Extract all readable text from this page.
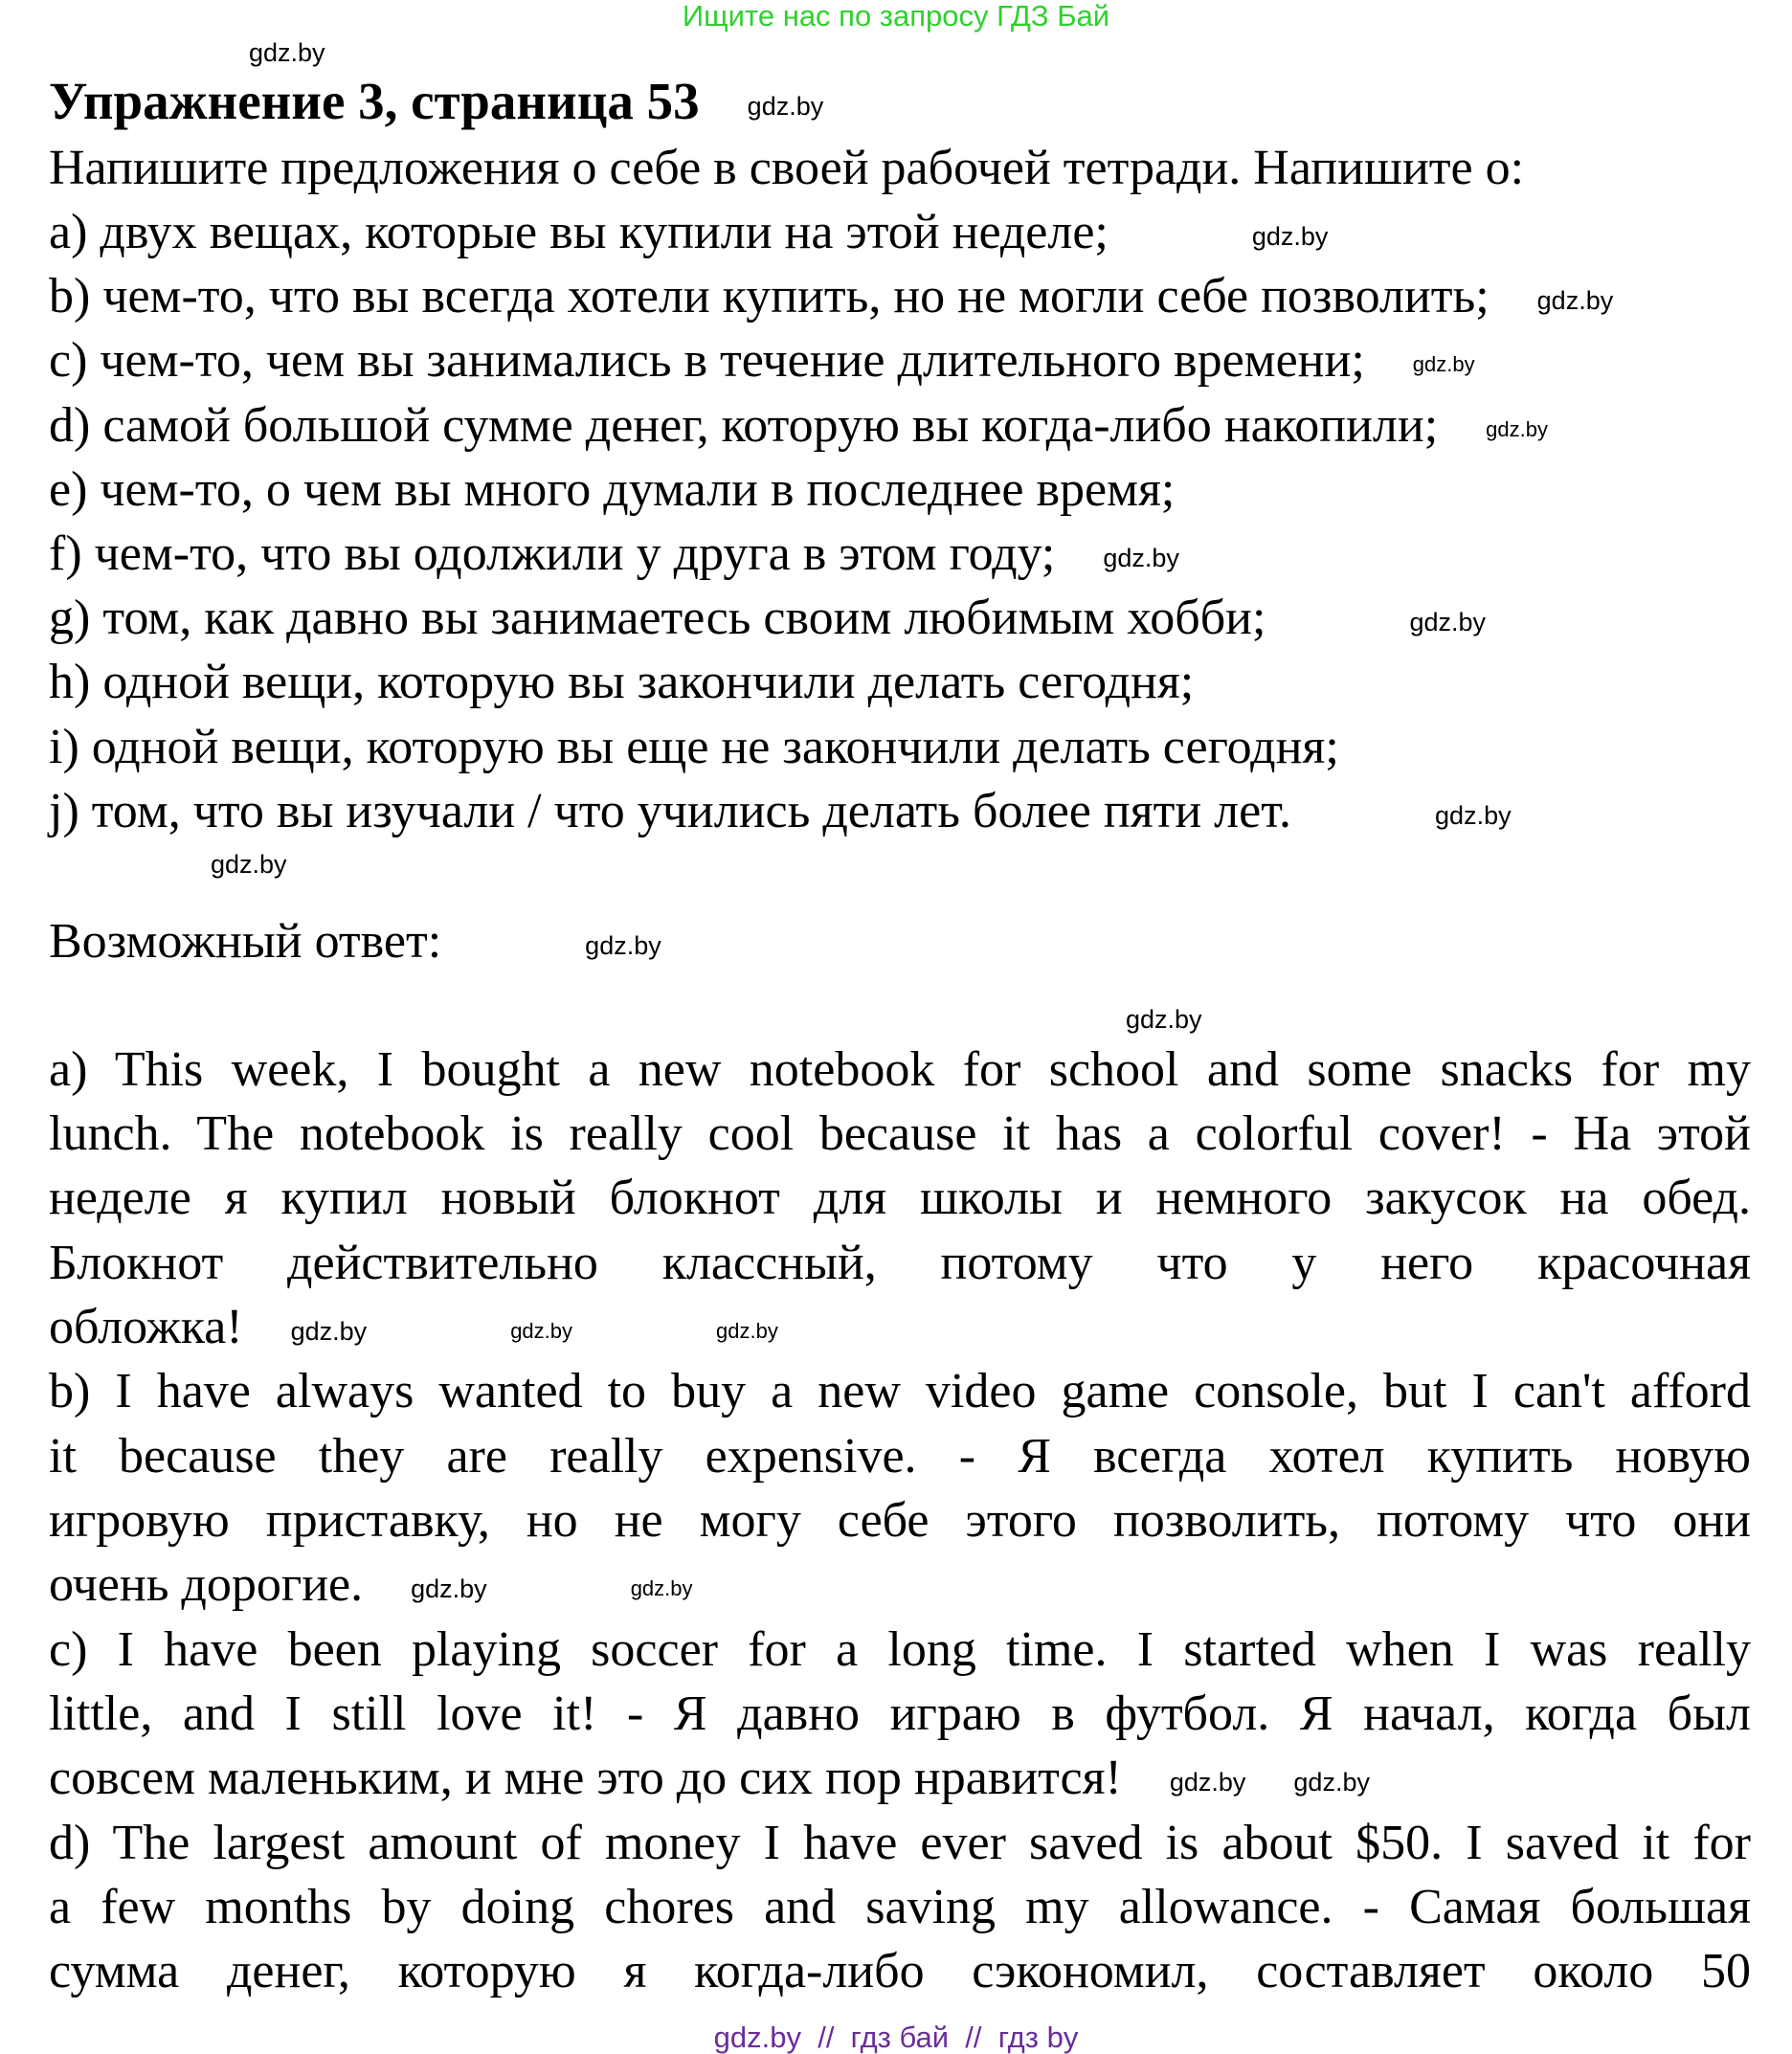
Ищите нас по запросу ГДЗ Бай
gdz.by
Упражнение 3, страница 53 gdz.by
Напишите предложения о себе в своей рабочей тетради. Напишите о:
a) двух вещах, которые вы купили на этой неделе;	gdz.by
b) чем-то, что вы всегда хотели купить, но не могли себе позволить; gdz.by
c) чем-то, чем вы занимались в течение длительного времени; gdz.by
d) самой большой сумме денег, которую вы когда-либо накопили; gdz.by
e) чем-то, о чем вы много думали в последнее время;
f) чем-то, что вы одолжили у друга в этом году; gdz.by
g) том, как давно вы занимаетесь своим любимым хобби;	gdz.by
h) одной вещи, которую вы закончили делать сегодня;
i) одной вещи, которую вы еще не закончили делать сегодня;
j) том, что вы изучали / что учились делать более пяти лет.	gdz.by
gdz.by
Возможный ответ:	gdz.by
gdz.by
a) This week, I bought a new notebook for school and some snacks for my
lunch. The notebook is really cool because it has a colorful cover! - На этой
неделе я купил новый блокнот для школы и немного закусок на обед.
Блокнот действительно классный, потому что у него красочная
обложка! gdz.by	gdz.by	gdz.by
b) I have always wanted to buy a new video game console, but I can't afford
it because they are really expensive. - Я всегда хотел купить новую
игровую приставку, но не могу себе этого позволить, потому что они
очень дорогие. gdz.by	gdz.by
c) I have been playing soccer for a long time. I started when I was really
little, and I still love it! - Я давно играю в футбол. Я начал, когда был
совсем маленьким, и мне это до сих пор нравится! gdz.by gdz.by
d) The largest amount of money I have ever saved is about $50. I saved it for
a few months by doing chores and saving my allowance. - Самая большая
сумма денег, которую я когда-либо сэкономил, составляет около 50
gdz.by  //  гдз бай  //  гдз by
